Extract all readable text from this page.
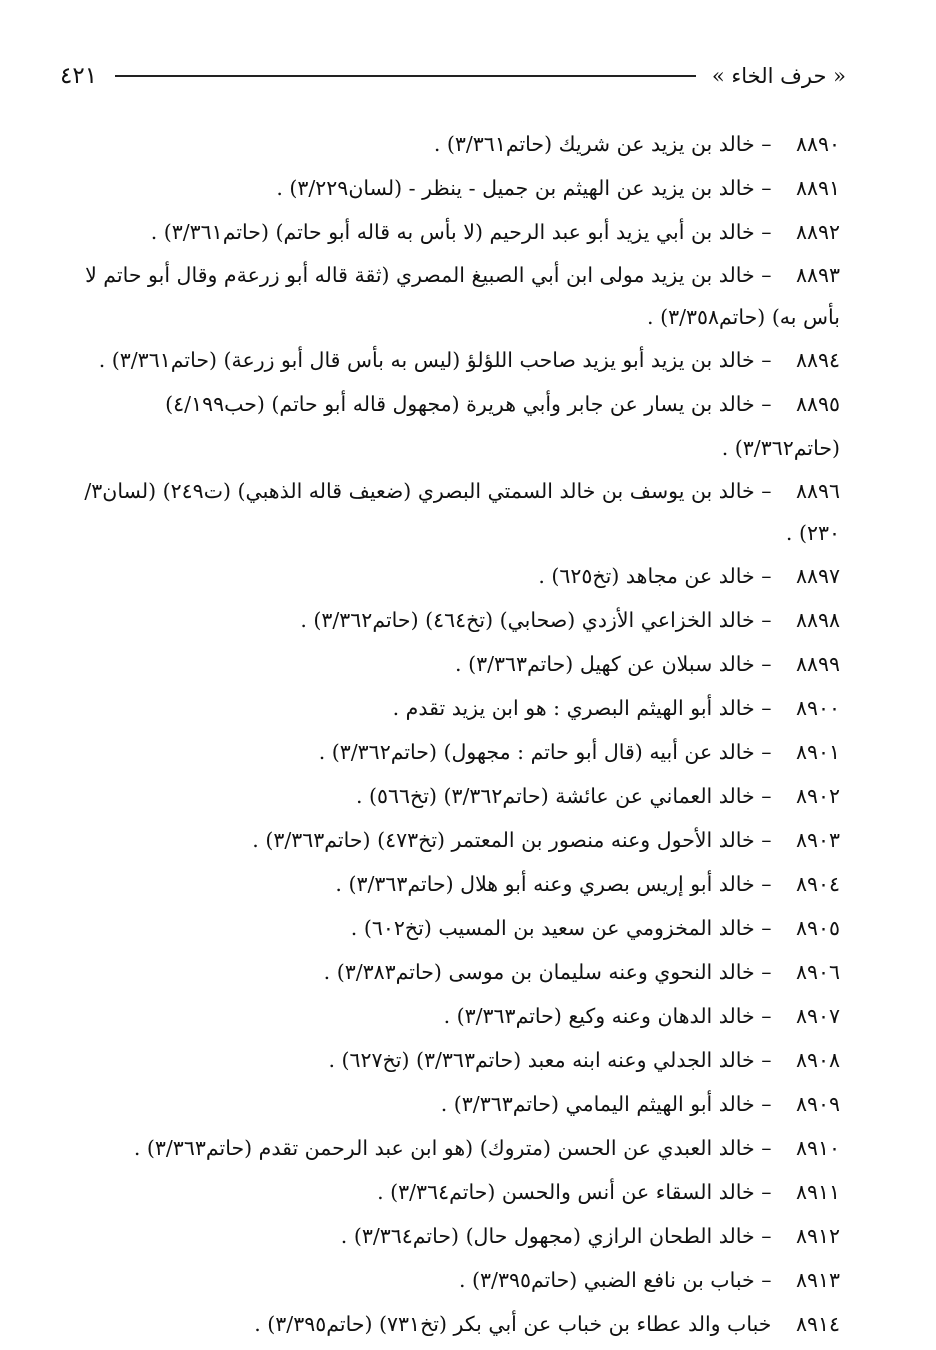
« حرف الخاء »
٤٢١

٨٨٩٠ – خالد بن يزيد عن شريك (حاتم٣/٣٦١) .

٨٨٩١ – خالد بن يزيد عن الهيثم بن جميل - ينظر - (لسان٣/٢٢٩) .

٨٨٩٢ – خالد بن أبي يزيد أبو عبد الرحيم (لا بأس به قاله أبو حاتم) (حاتم٣/٣٦١) .

٨٨٩٣ – خالد بن يزيد مولى ابن أبي الصبيغ المصري (ثقة قاله أبو زرعةم وقال أبو حاتم لا بأس به) (حاتم٣/٣٥٨) .

٨٨٩٤ – خالد بن يزيد أبو يزيد صاحب اللؤلؤ (ليس به بأس قال أبو زرعة) (حاتم٣/٣٦١) .

٨٨٩٥ – خالد بن يسار عن جابر وأبي هريرة (مجهول قاله أبو حاتم) (حب٤/١٩٩) (حاتم٣/٣٦٢) .

٨٨٩٦ – خالد بن يوسف بن خالد السمتي البصري (ضعيف قاله الذهبي) (ت٢٤٩) (لسان٣/ ٢٣٠) .

٨٨٩٧ – خالد عن مجاهد (تخ٦٢٥) .

٨٨٩٨ – خالد الخزاعي الأزدي (صحابي) (تخ٤٦٤) (حاتم٣/٣٦٢) .

٨٨٩٩ – خالد سبلان عن كهيل (حاتم٣/٣٦٣) .

٨٩٠٠ – خالد أبو الهيثم البصري : هو ابن يزيد تقدم .

٨٩٠١ – خالد عن أبيه (قال أبو حاتم : مجهول) (حاتم٣/٣٦٢) .

٨٩٠٢ – خالد العماني عن عائشة (حاتم٣/٣٦٢) (تخ٥٦٦) .

٨٩٠٣ – خالد الأحول وعنه منصور بن المعتمر (تخ٤٧٣) (حاتم٣/٣٦٣) .

٨٩٠٤ – خالد أبو إريس بصري وعنه أبو هلال (حاتم٣/٣٦٣) .

٨٩٠٥ – خالد المخزومي عن سعيد بن المسيب (تخ٦٠٢) .

٨٩٠٦ – خالد النحوي وعنه سليمان بن موسى (حاتم٣/٣٨٣) .

٨٩٠٧ – خالد الدهان وعنه وكيع (حاتم٣/٣٦٣) .

٨٩٠٨ – خالد الجدلي وعنه ابنه معبد (حاتم٣/٣٦٣) (تخ٦٢٧) .

٨٩٠٩ – خالد أبو الهيثم اليمامي (حاتم٣/٣٦٣) .

٨٩١٠ – خالد العبدي عن الحسن (متروك) (هو ابن عبد الرحمن تقدم (حاتم٣/٣٦٣) .

٨٩١١ – خالد السقاء عن أنس والحسن (حاتم٣/٣٦٤) .

٨٩١٢ – خالد الطحان الرازي (مجهول حال) (حاتم٣/٣٦٤) .

٨٩١٣ – خباب بن نافع الضبي (حاتم٣/٣٩٥) .

٨٩١٤ خباب والد عطاء بن خباب عن أبي بكر (تخ٧٣١) (حاتم٣/٣٩٥) .
